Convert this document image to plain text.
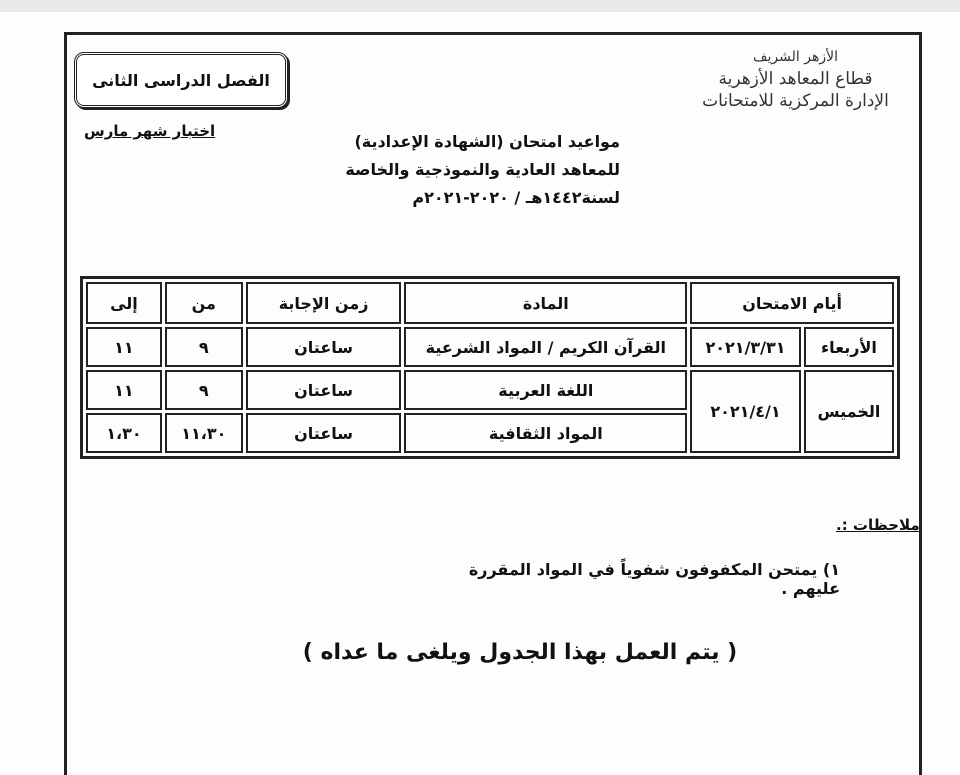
الأزهر الشريف
قطاع المعاهد الأزهرية
الإدارة المركزية للامتحانات
الفصل الدراسى الثانى
اختبار شهر مارس
مواعيد امتحان (الشهادة الإعدادية)
للمعاهد العادية والنموذجية والخاصة
لسنة١٤٤٢هـ / ٢٠٢٠-٢٠٢١م
أيام الامتحان		المادة	زمن الإجابة	من	إلى
الأربعاء	٢٠٢١/٣/٣١	القرآن الكريم / المواد الشرعية	ساعتان	٩	١١
الخميس	٢٠٢١/٤/١	اللغة العربية	ساعتان	٩	١١
		المواد الثقافية	ساعتان	١١،٣٠	١،٣٠
ملاحظات :.
١) يمتحن المكفوفون شفوياً في المواد المقررة عليهم .
( يتم العمل بهذا الجدول ويلغى ما عداه )
